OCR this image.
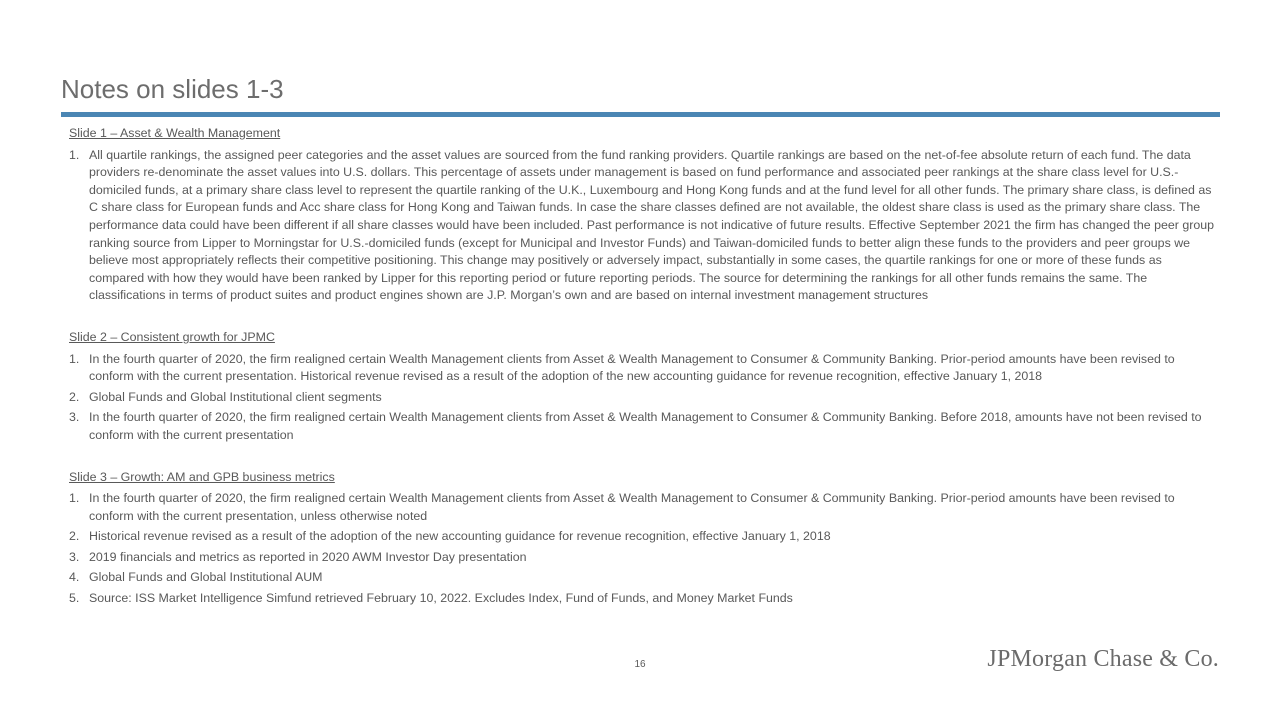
Notes on slides 1-3
Slide 1 – Asset & Wealth Management
1. All quartile rankings, the assigned peer categories and the asset values are sourced from the fund ranking providers. Quartile rankings are based on the net-of-fee absolute return of each fund. The data providers re-denominate the asset values into U.S. dollars. This percentage of assets under management is based on fund performance and associated peer rankings at the share class level for U.S.-domiciled funds, at a primary share class level to represent the quartile ranking of the U.K., Luxembourg and Hong Kong funds and at the fund level for all other funds. The primary share class, is defined as C share class for European funds and Acc share class for Hong Kong and Taiwan funds. In case the share classes defined are not available, the oldest share class is used as the primary share class. The performance data could have been different if all share classes would have been included. Past performance is not indicative of future results. Effective September 2021 the firm has changed the peer group ranking source from Lipper to Morningstar for U.S.-domiciled funds (except for Municipal and Investor Funds) and Taiwan-domiciled funds to better align these funds to the providers and peer groups we believe most appropriately reflects their competitive positioning. This change may positively or adversely impact, substantially in some cases, the quartile rankings for one or more of these funds as compared with how they would have been ranked by Lipper for this reporting period or future reporting periods. The source for determining the rankings for all other funds remains the same. The classifications in terms of product suites and product engines shown are J.P. Morgan’s own and are based on internal investment management structures
Slide 2 – Consistent growth for JPMC
1. In the fourth quarter of 2020, the firm realigned certain Wealth Management clients from Asset & Wealth Management to Consumer & Community Banking. Prior-period amounts have been revised to conform with the current presentation. Historical revenue revised as a result of the adoption of the new accounting guidance for revenue recognition, effective January 1, 2018
2. Global Funds and Global Institutional client segments
3. In the fourth quarter of 2020, the firm realigned certain Wealth Management clients from Asset & Wealth Management to Consumer & Community Banking. Before 2018, amounts have not been revised to conform with the current presentation
Slide 3 – Growth: AM and GPB business metrics
1. In the fourth quarter of 2020, the firm realigned certain Wealth Management clients from Asset & Wealth Management to Consumer & Community Banking. Prior-period amounts have been revised to conform with the current presentation, unless otherwise noted
2. Historical revenue revised as a result of the adoption of the new accounting guidance for revenue recognition, effective January 1, 2018
3. 2019 financials and metrics as reported in 2020 AWM Investor Day presentation
4. Global Funds and Global Institutional AUM
5. Source: ISS Market Intelligence Simfund retrieved February 10, 2022. Excludes Index, Fund of Funds, and Money Market Funds
16	JPMorgan Chase & Co.
